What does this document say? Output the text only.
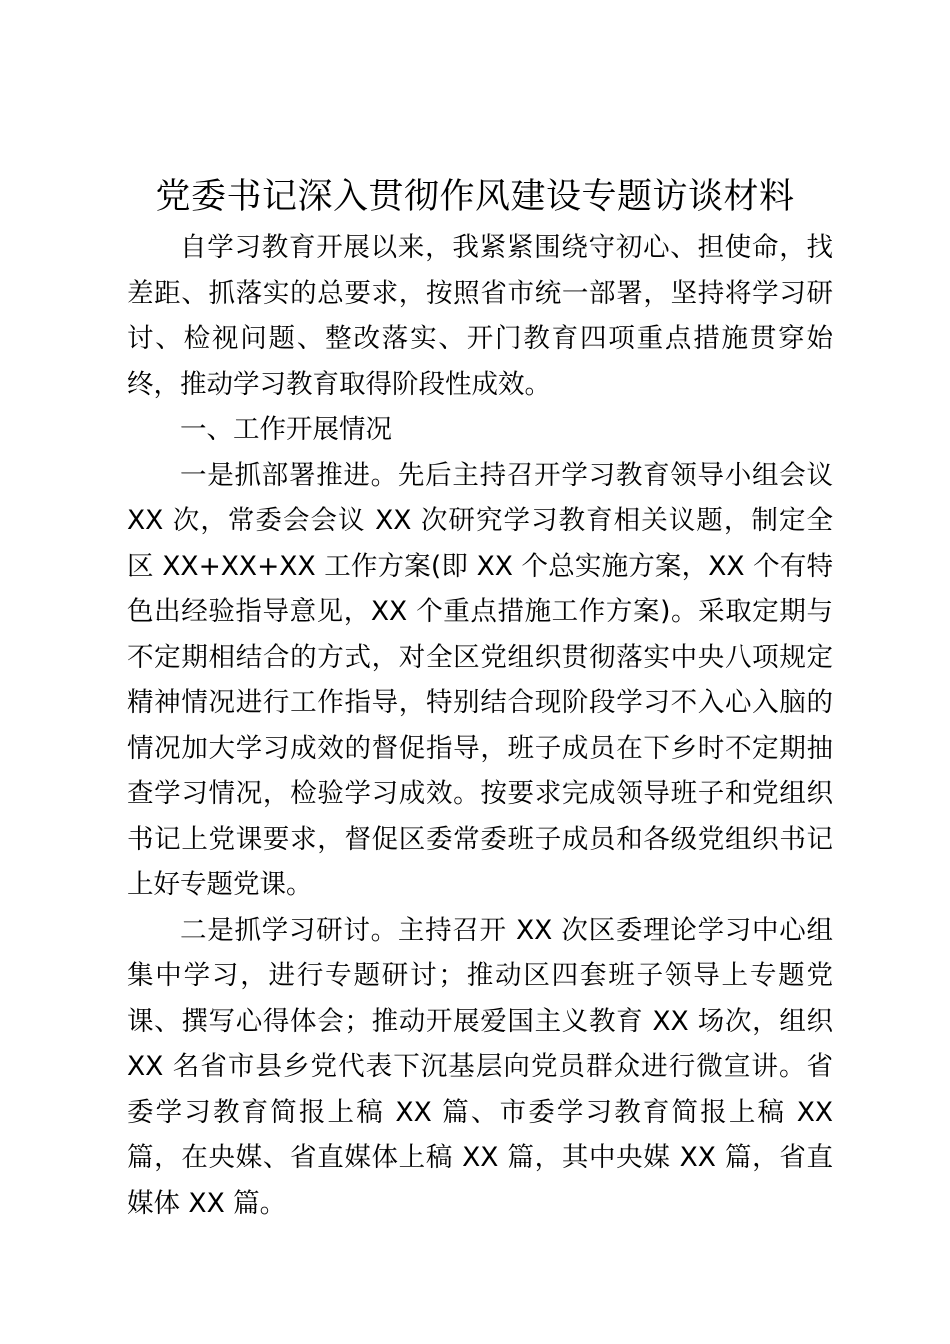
党委书记深入贯彻作风建设专题访谈材料

自学习教育开展以来，我紧紧围绕守初心、担使命，找差距、抓落实的总要求，按照省市统一部署，坚持将学习研讨、检视问题、整改落实、开门教育四项重点措施贯穿始终，推动学习教育取得阶段性成效。

一、工作开展情况

一是抓部署推进。先后主持召开学习教育领导小组会议 XX 次，常委会会议 XX 次研究学习教育相关议题，制定全区 XX+XX+XX 工作方案(即 XX 个总实施方案，XX 个有特色出经验指导意见，XX 个重点措施工作方案)。采取定期与不定期相结合的方式，对全区党组织贯彻落实中央八项规定精神情况进行工作指导，特别结合现阶段学习不入心入脑的情况加大学习成效的督促指导，班子成员在下乡时不定期抽查学习情况，检验学习成效。按要求完成领导班子和党组织书记上党课要求，督促区委常委班子成员和各级党组织书记上好专题党课。

二是抓学习研讨。主持召开 XX 次区委理论学习中心组集中学习，进行专题研讨；推动区四套班子领导上专题党课、撰写心得体会；推动开展爱国主义教育 XX 场次，组织 XX 名省市县乡党代表下沉基层向党员群众进行微宣讲。省委学习教育简报上稿 XX 篇、市委学习教育简报上稿 XX 篇，在央媒、省直媒体上稿 XX 篇，其中央媒 XX 篇，省直媒体 XX 篇。
